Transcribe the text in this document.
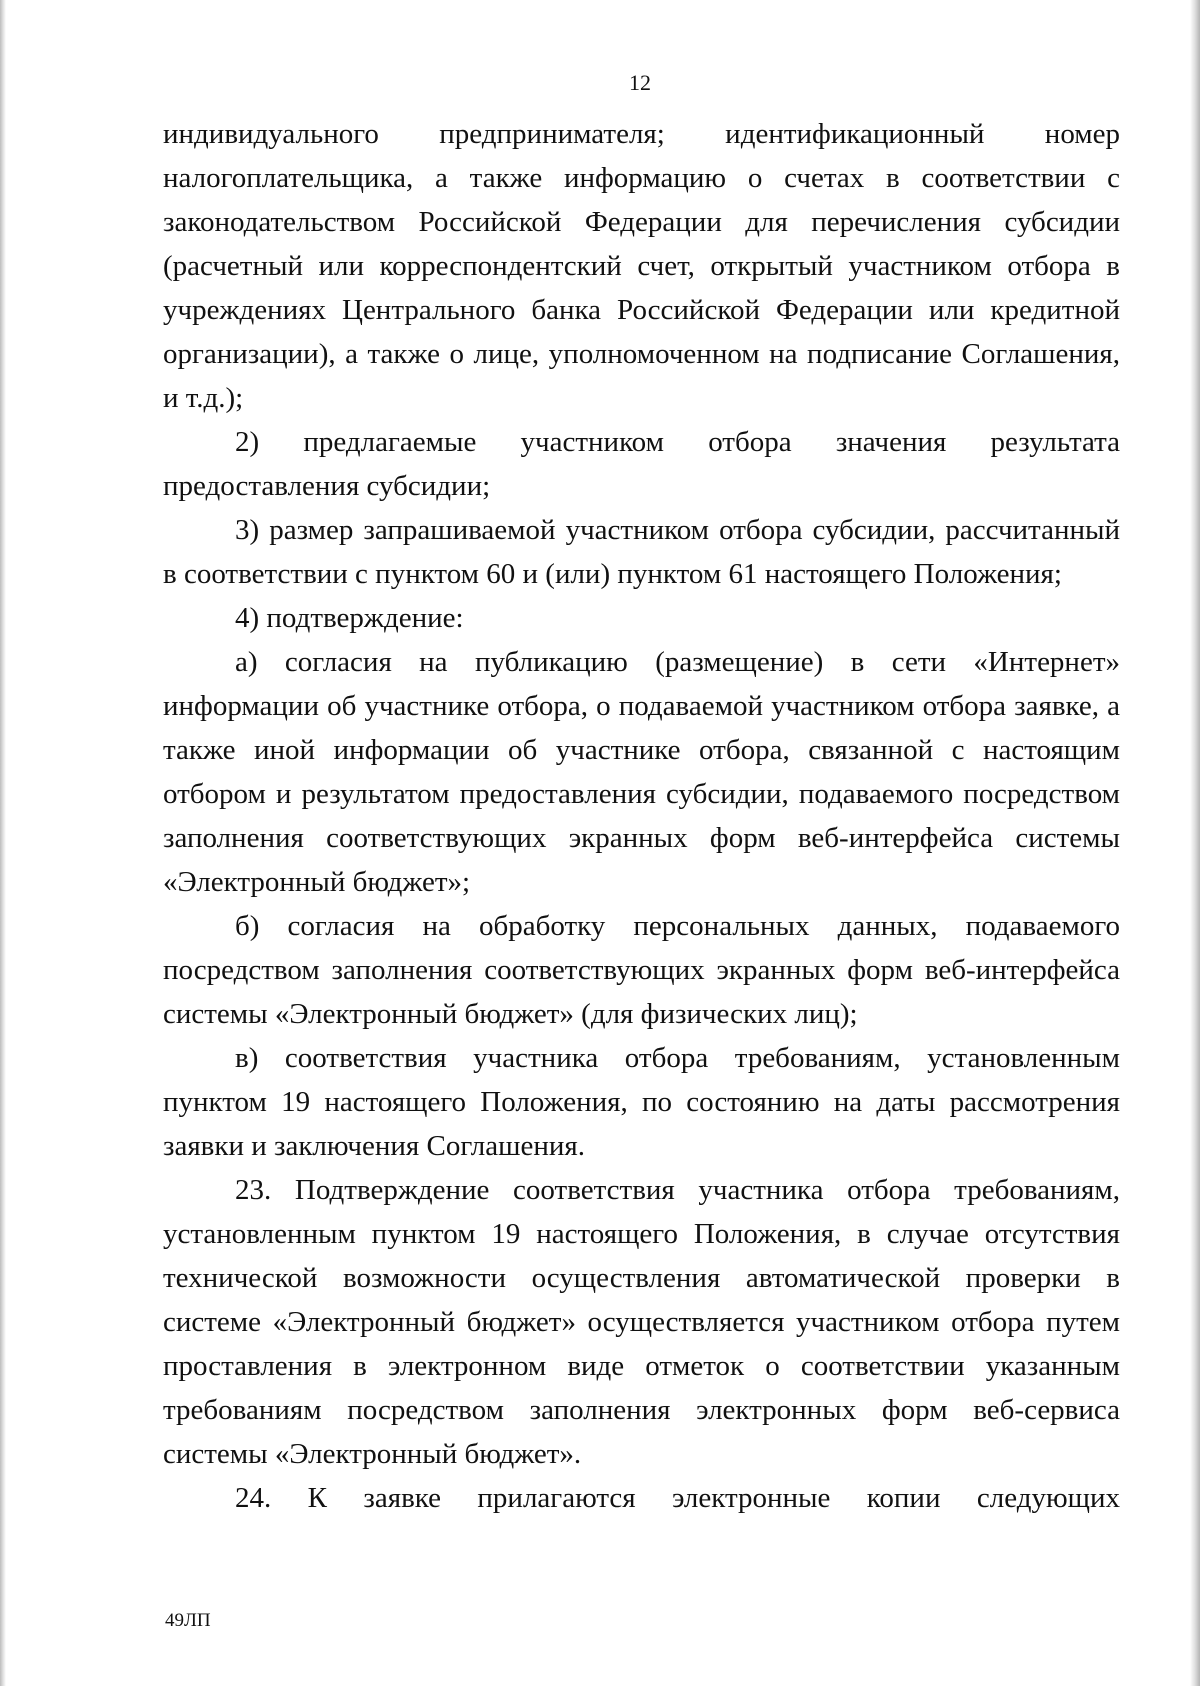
12

индивидуального предпринимателя; идентификационный номер налогоплательщика, а также информацию о счетах в соответствии с законодательством Российской Федерации для перечисления субсидии (расчетный или корреспондентский счет, открытый участником отбора в учреждениях Центрального банка Российской Федерации или кредитной организации), а также о лице, уполномоченном на подписание Соглашения, и т.д.);

2) предлагаемые участником отбора значения результата предоставления субсидии;

3) размер запрашиваемой участником отбора субсидии, рассчитанный в соответствии с пунктом 60 и (или) пунктом 61 настоящего Положения;

4) подтверждение:

а) согласия на публикацию (размещение) в сети «Интернет» информации об участнике отбора, о подаваемой участником отбора заявке, а также иной информации об участнике отбора, связанной с настоящим отбором и результатом предоставления субсидии, подаваемого посредством заполнения соответствующих экранных форм веб-интерфейса системы «Электронный бюджет»;

б) согласия на обработку персональных данных, подаваемого посредством заполнения соответствующих экранных форм веб-интерфейса системы «Электронный бюджет» (для физических лиц);

в) соответствия участника отбора требованиям, установленным пунктом 19 настоящего Положения, по состоянию на даты рассмотрения заявки и заключения Соглашения.

23. Подтверждение соответствия участника отбора требованиям, установленным пунктом 19 настоящего Положения, в случае отсутствия технической возможности осуществления автоматической проверки в системе «Электронный бюджет» осуществляется участником отбора путем проставления в электронном виде отметок о соответствии указанным требованиям посредством заполнения электронных форм веб-сервиса системы «Электронный бюджет».

24. К заявке прилагаются электронные копии следующих

49ЛП
